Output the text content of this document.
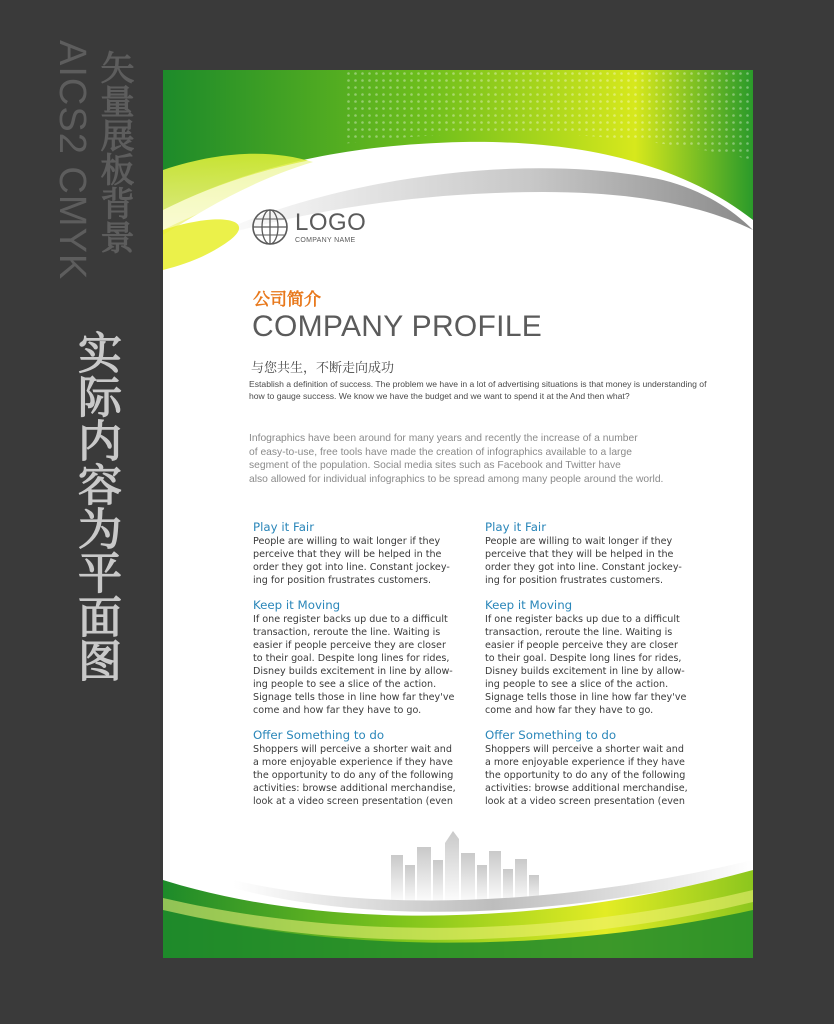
矢量展板背景
AICS2 CMYK
实际内容为平面图
LOGO
COMPANY NAME
公司简介
COMPANY PROFILE
与您共生，不断走向成功
Establish a definition of success. The problem we have in a lot of advertising situations is that money is understanding of how to gauge success. We know we have the budget and we want to spend it at the And then what?
Infographics have been around for many years and recently the increase of a number
of easy-to-use, free tools have made the creation of infographics available to a large
segment of the population. Social media sites such as Facebook and Twitter have
also allowed for individual infographics to be spread among many people around the world.
Play it Fair
People are willing to wait longer if they
perceive that they will be helped in the
order they got into line. Constant jockey-
ing for position frustrates customers.
Keep it Moving
If one register backs up due to a difficult
transaction, reroute the line. Waiting is
easier if people perceive they are closer
to their goal. Despite long lines for rides,
Disney builds excitement in line by allow-
ing people to see a slice of the action.
Signage tells those in line how far they've
come and how far they have to go.
Offer Something to do
Shoppers will perceive a shorter wait and
a more enjoyable experience if they have
the opportunity to do any of the following
activities: browse additional merchandise,
look at a video screen presentation (even
Play it Fair
People are willing to wait longer if they
perceive that they will be helped in the
order they got into line. Constant jockey-
ing for position frustrates customers.
Keep it Moving
If one register backs up due to a difficult
transaction, reroute the line. Waiting is
easier if people perceive they are closer
to their goal. Despite long lines for rides,
Disney builds excitement in line by allow-
ing people to see a slice of the action.
Signage tells those in line how far they've
come and how far they have to go.
Offer Something to do
Shoppers will perceive a shorter wait and
a more enjoyable experience if they have
the opportunity to do any of the following
activities: browse additional merchandise,
look at a video screen presentation (even
